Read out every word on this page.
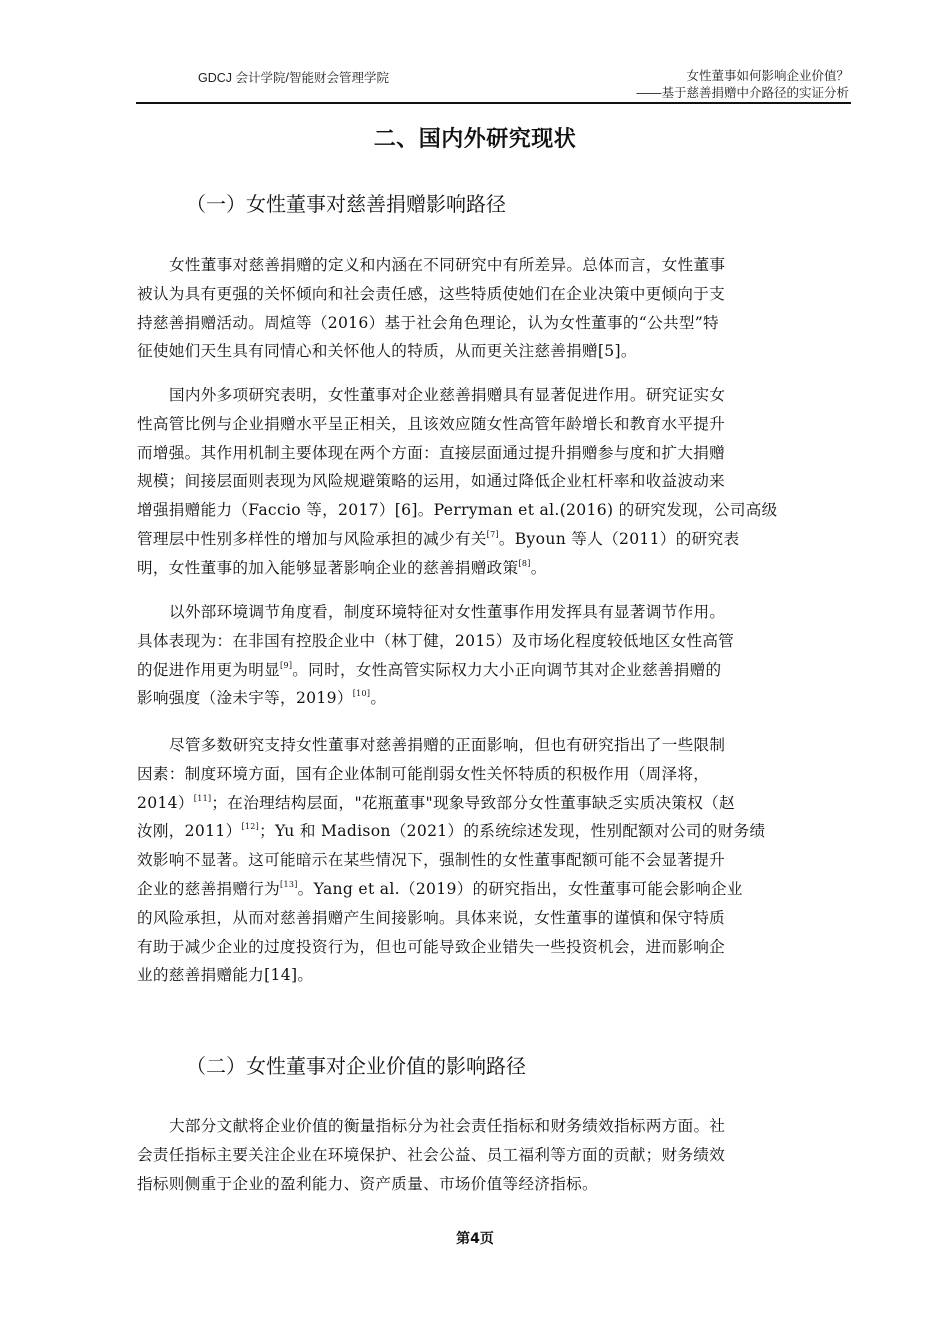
GDCJ 会计学院/智能财会管理学院	女性董事如何影响企业价值？
——基于慈善捐赠中介路径的实证分析
二、国内外研究现状
（一）女性董事对慈善捐赠影响路径
女性董事对慈善捐赠的定义和内涵在不同研究中有所差异。总体而言，女性董事
被认为具有更强的关怀倾向和社会责任感，这些特质使她们在企业决策中更倾向于支
持慈善捐赠活动。周煊等（2016）基于社会角色理论，认为女性董事的“公共型”特
征使她们天生具有同情心和关怀他人的特质，从而更关注慈善捐赠[5]。
国内外多项研究表明，女性董事对企业慈善捐赠具有显著促进作用。研究证实女
性高管比例与企业捐赠水平呈正相关，且该效应随女性高管年龄增长和教育水平提升
而增强。其作用机制主要体现在两个方面：直接层面通过提升捐赠参与度和扩大捐赠
规模；间接层面则表现为风险规避策略的运用，如通过降低企业杠杆率和收益波动来
增强捐赠能力（Faccio 等，2017）[6]。Perryman et al.(2016) 的研究发现，公司高级
管理层中性别多样性的增加与风险承担的减少有关[7]。Byoun 等人（2011）的研究表
明，女性董事的加入能够显著影响企业的慈善捐赠政策[8]。
以外部环境调节角度看，制度环境特征对女性董事作用发挥具有显著调节作用。
具体表现为：在非国有控股企业中（林丁健，2015）及市场化程度较低地区女性高管
的促进作用更为明显[9]。同时，女性高管实际权力大小正向调节其对企业慈善捐赠的
影响强度（淦未宇等，2019）[10]。
尽管多数研究支持女性董事对慈善捐赠的正面影响，但也有研究指出了一些限制
因素：制度环境方面，国有企业体制可能削弱女性关怀特质的积极作用（周泽将，
2014）[11]；在治理结构层面，"花瓶董事"现象导致部分女性董事缺乏实质决策权（赵
汝刚，2011）[12]；Yu 和 Madison（2021）的系统综述发现，性别配额对公司的财务绩
效影响不显著。这可能暗示在某些情况下，强制性的女性董事配额可能不会显著提升
企业的慈善捐赠行为[13]。Yang et al.（2019）的研究指出，女性董事可能会影响企业
的风险承担，从而对慈善捐赠产生间接影响。具体来说，女性董事的谨慎和保守特质
有助于减少企业的过度投资行为，但也可能导致企业错失一些投资机会，进而影响企
业的慈善捐赠能力[14]。
（二）女性董事对企业价值的影响路径
大部分文献将企业价值的衡量指标分为社会责任指标和财务绩效指标两方面。社
会责任指标主要关注企业在环境保护、社会公益、员工福利等方面的贡献；财务绩效
指标则侧重于企业的盈利能力、资产质量、市场价值等经济指标。
第4页
